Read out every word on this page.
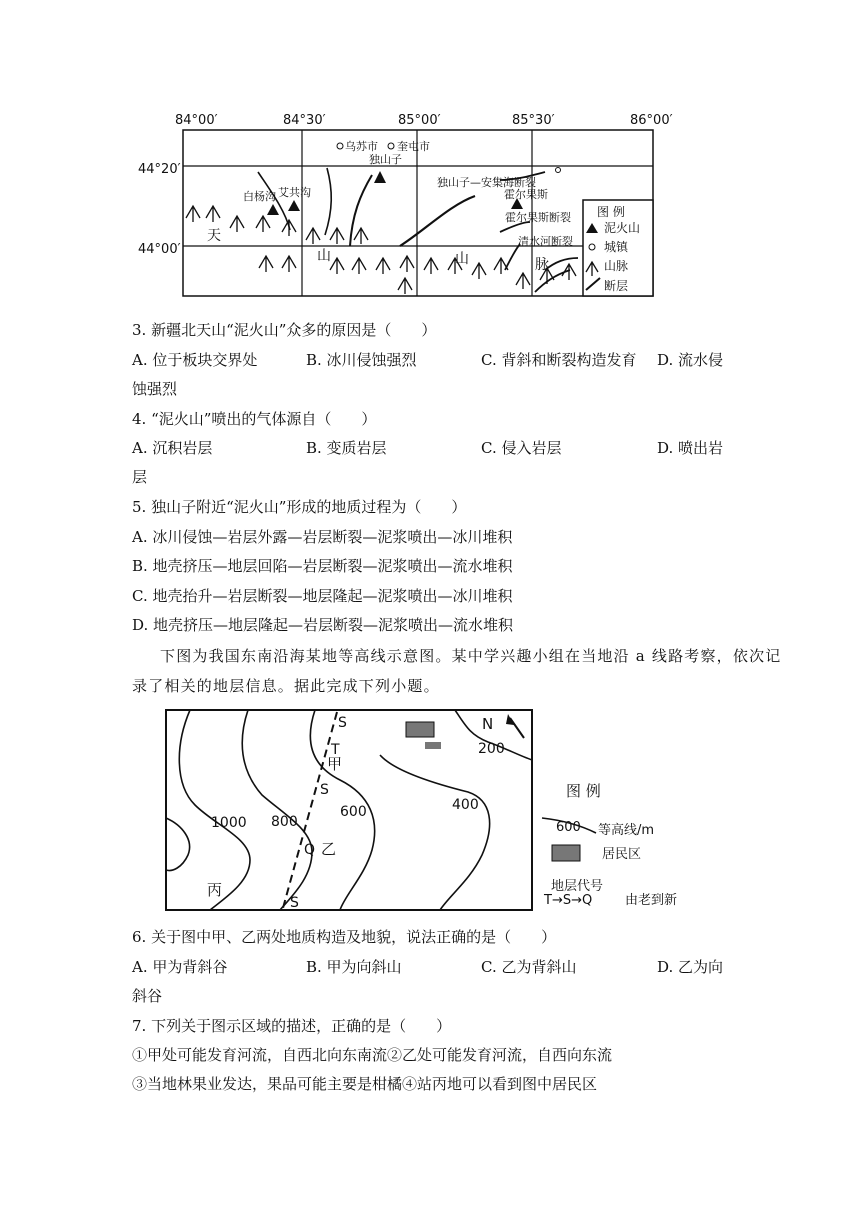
84°00′	84°30′	85°00′	85°30′	86°00′
44°20′
44°00′
乌苏市 奎屯市
独山子
白杨沟 艾共沟
独山子—安集海断裂
霍尔果斯
霍尔果斯断裂
清水河断裂
天
山	山	脉
图 例
泥火山
城镇
山脉
断层
3. 新疆北天山“泥火山”众多的原因是（　　）
A. 位于板块交界处	B. 冰川侵蚀强烈	C. 背斜和断裂构造发育 D. 流水侵
蚀强烈
4. “泥火山”喷出的气体源自（　　）
A. 沉积岩层	B. 变质岩层	C. 侵入岩层	D. 喷出岩
层
5. 独山子附近“泥火山”形成的地质过程为（　　）
A. 冰川侵蚀—岩层外露—岩层断裂—泥浆喷出—冰川堆积
B. 地壳挤压—地层回陷—岩层断裂—泥浆喷出—流水堆积
C. 地壳抬升—岩层断裂—地层隆起—泥浆喷出—冰川堆积
D. 地壳挤压—地层隆起—岩层断裂—泥浆喷出—流水堆积
下图为我国东南沿海某地等高线示意图。某中学兴趣小组在当地沿 a 线路考察，依次记
录了相关的地层信息。据此完成下列小题。
N
200
400
600
800
1000
S
T
S
Q
S
甲
乙
丙
图 例
600 等高线/m
居民区
地层代号
T→S→Q	由老到新
6. 关于图中甲、乙两处地质构造及地貌，说法正确的是（　　）
A. 甲为背斜谷	B. 甲为向斜山	C. 乙为背斜山	D. 乙为向
斜谷
7. 下列关于图示区域的描述，正确的是（　　）
①甲处可能发育河流，自西北向东南流②乙处可能发育河流，自西向东流
③当地林果业发达，果品可能主要是柑橘④站丙地可以看到图中居民区
